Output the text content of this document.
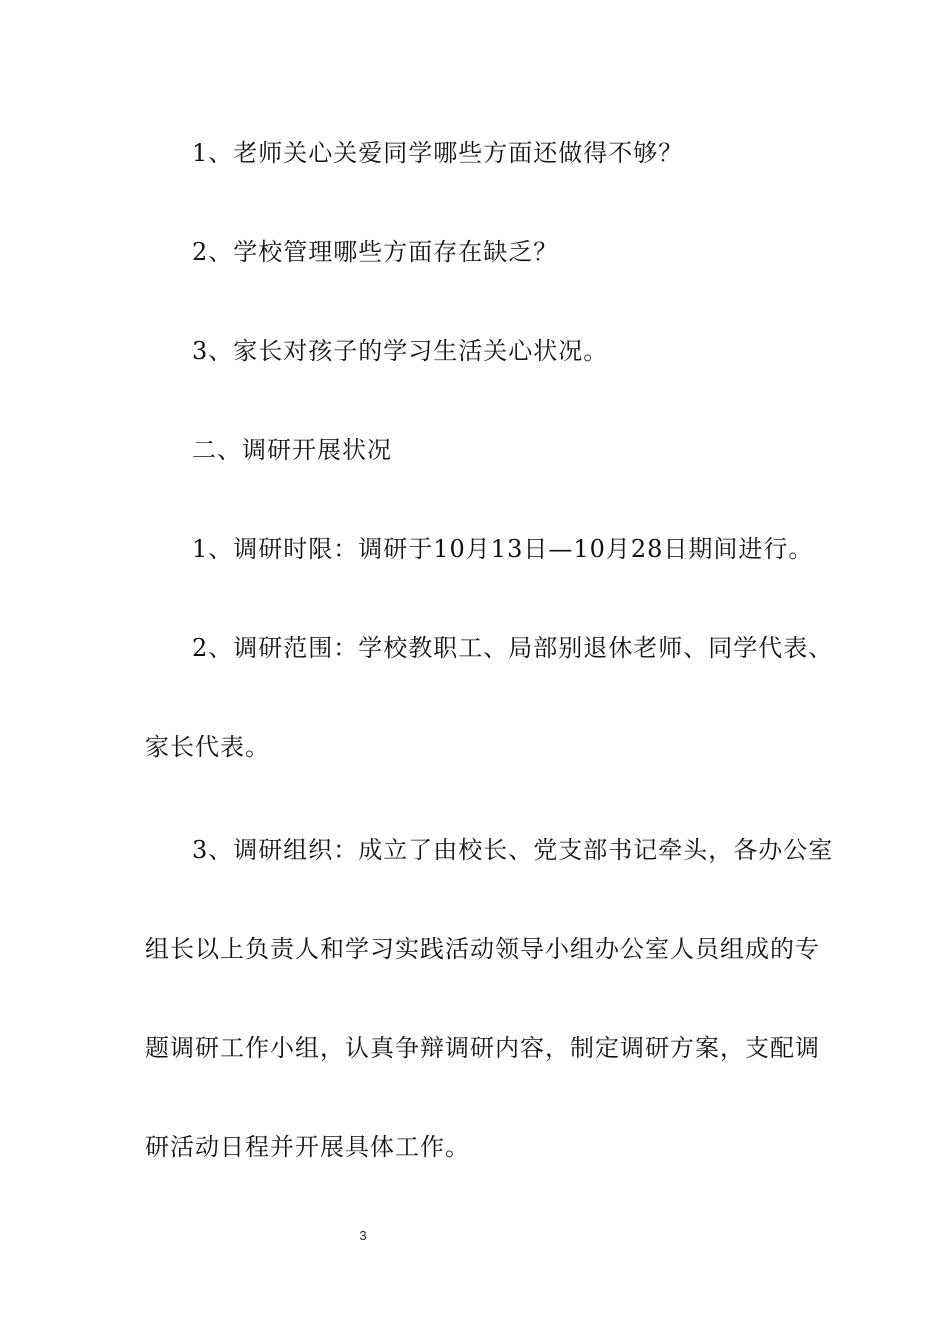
1、老师关心关爱同学哪些方面还做得不够？
2、学校管理哪些方面存在缺乏？
3、家长对孩子的学习生活关心状况。
二、调研开展状况
1、调研时限：调研于10月13日—10月28日期间进行。
2、调研范围：学校教职工、局部别退休老师、同学代表、
家长代表。
3、调研组织：成立了由校长、党支部书记牵头，各办公室
组长以上负责人和学习实践活动领导小组办公室人员组成的专
题调研工作小组，认真争辩调研内容，制定调研方案，支配调
研活动日程并开展具体工作。
3
